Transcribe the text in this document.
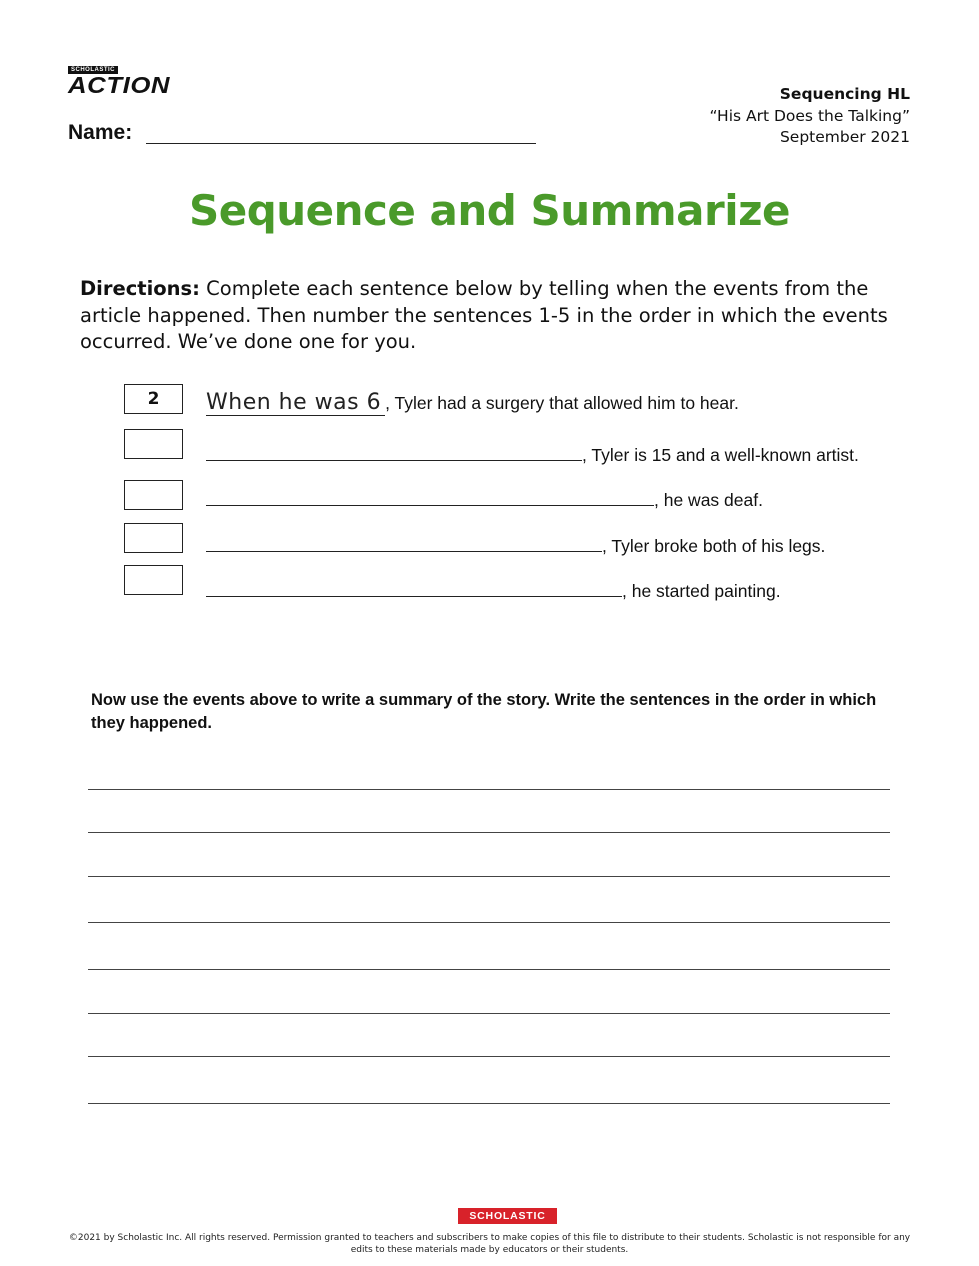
SCHOLASTIC
ACTION	Sequencing HL
“His Art Does the Talking”
September 2021
Name:
Sequence and Summarize
Directions: Complete each sentence below by telling when the events from the article happened. Then number the sentences 1-5 in the order in which the events occurred. We’ve done one for you.
2	When he was 6 , Tyler had a surgery that allowed him to hear.
, Tyler is 15 and a well-known artist.
, he was deaf.
, Tyler broke both of his legs.
, he started painting.
Now use the events above to write a summary of the story. Write the sentences in the order in which they happened.
SCHOLASTIC
©2021 by Scholastic Inc. All rights reserved. Permission granted to teachers and subscribers to make copies of this file to distribute to their students. Scholastic is not responsible for any edits to these materials made by educators or their students.
